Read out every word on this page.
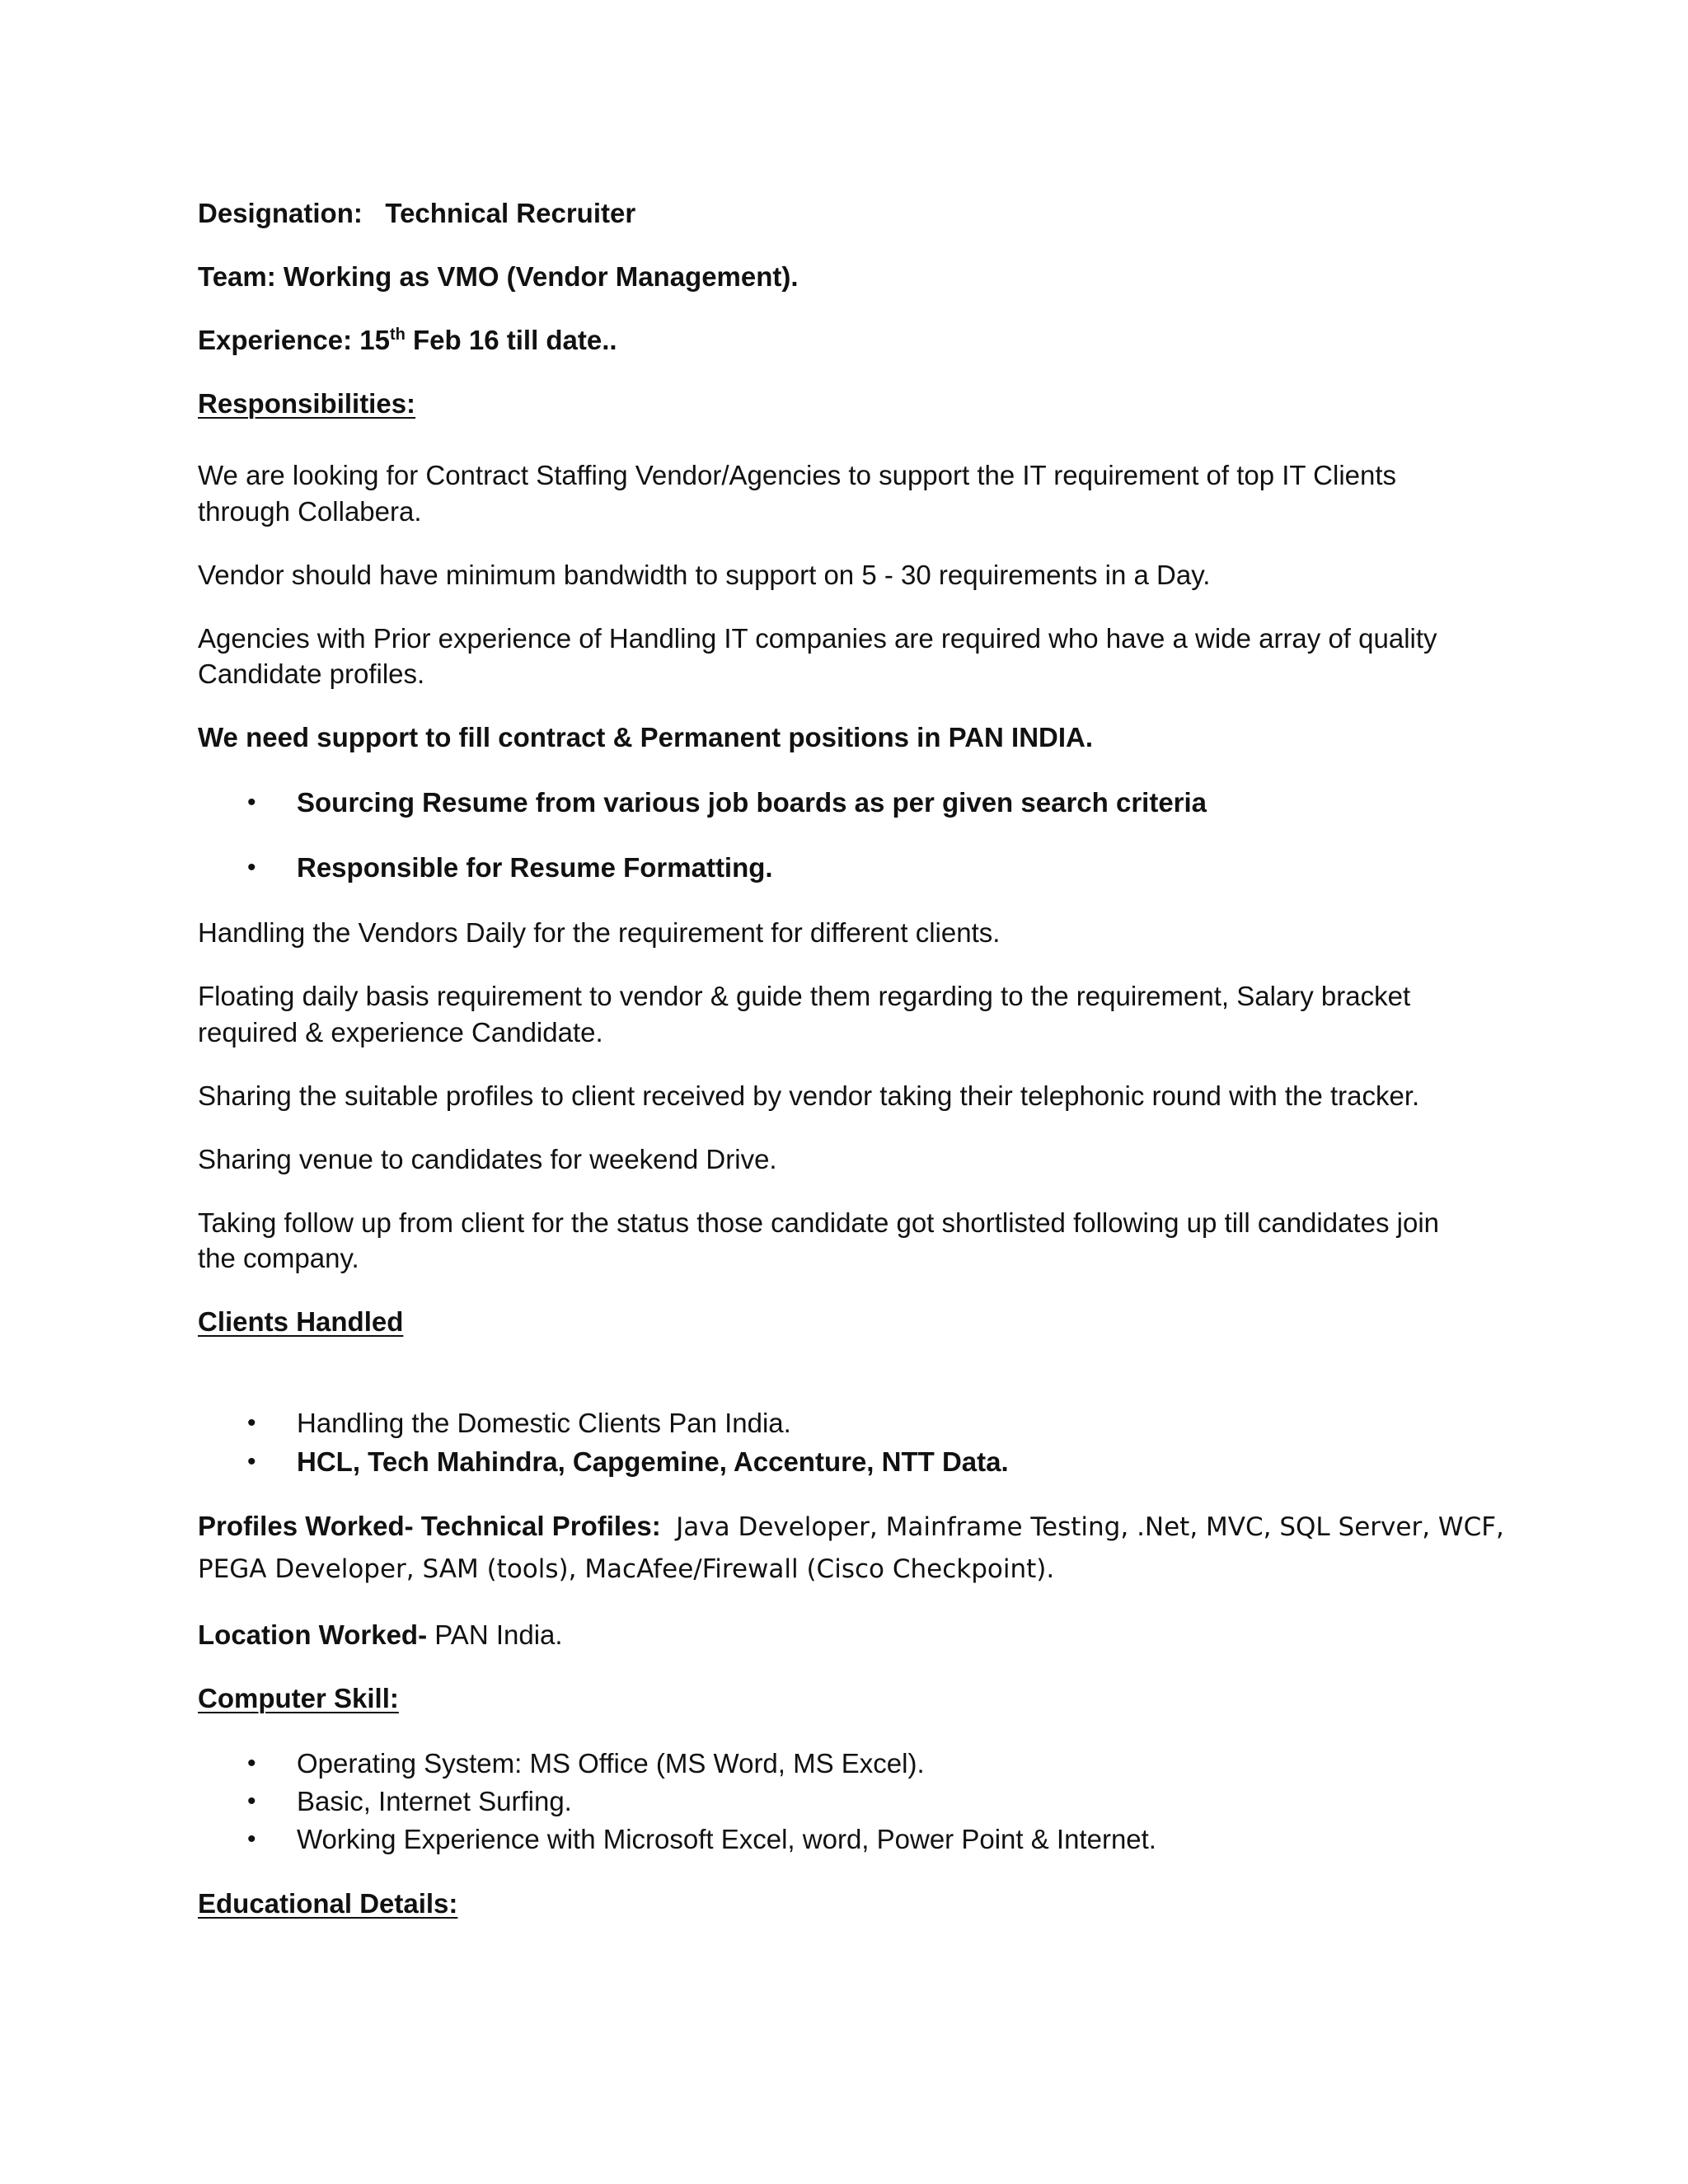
Designation: Technical Recruiter
Team: Working as VMO (Vendor Management).
Experience: 15th Feb 16 till date..
Responsibilities:
We are looking for Contract Staffing Vendor/Agencies to support the IT requirement of top IT Clients
through Collabera.
Vendor should have minimum bandwidth to support on 5 - 30 requirements in a Day.
Agencies with Prior experience of Handling IT companies are required who have a wide array of quality
Candidate profiles.
We need support to fill contract & Permanent positions in PAN INDIA.
• Sourcing Resume from various job boards as per given search criteria
• Responsible for Resume Formatting.
Handling the Vendors Daily for the requirement for different clients.
Floating daily basis requirement to vendor & guide them regarding to the requirement, Salary bracket
required & experience Candidate.
Sharing the suitable profiles to client received by vendor taking their telephonic round with the tracker.
Sharing venue to candidates for weekend Drive.
Taking follow up from client for the status those candidate got shortlisted following up till candidates join
the company.
Clients Handled
• Handling the Domestic Clients Pan India.
• HCL, Tech Mahindra, Capgemine, Accenture, NTT Data.
Profiles Worked- Technical Profiles: Java Developer, Mainframe Testing, .Net, MVC, SQL Server, WCF,
PEGA Developer, SAM (tools), MacAfee/Firewall (Cisco Checkpoint).
Location Worked- PAN India.
Computer Skill:
• Operating System: MS Office (MS Word, MS Excel).
• Basic, Internet Surfing.
• Working Experience with Microsoft Excel, word, Power Point & Internet.
Educational Details:
